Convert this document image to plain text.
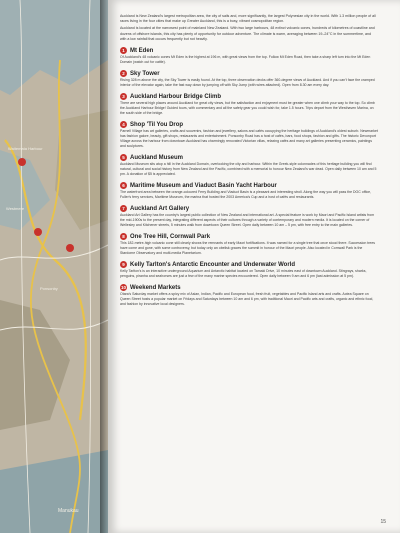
Waitemata Harbour
Westmere
Ponsonby
Manukau

Auckland is New Zealand's largest metropolitan area, the city of sails and, more significantly, the largest Polynesian city in the world. With 1.3 million people of all races living in the four cities that make up Greater Auckland, this is a busy, vibrant cosmopolitan region.

Auckland is located at the narrowest point of mainland New Zealand. With two large harbours, 48 extinct volcanic cones, hundreds of kilometres of coastline and dozens of offshore islands, this city has plenty of opportunity for outdoor adventure. The climate is warm, averaging between 19–24°C in the summertime, and with a low rainfall that occurs frequently but not heavily.

1 Mt Eden
Of Auckland's 48 volcanic cones Mt Eden is the highest at 196 m, with great views from the top. Follow Mt Eden Road, then take a sharp left turn into the Mt Eden Domain (watch out for cattle).
2 Sky Tower
Rising 328 m above the city, the Sky Tower is easily found. At the top, three observation decks offer 360-degree views of Auckland. And if you can't face the cramped interior of the elevator again, take the fast way down by jumping off with Sky Jump (with wires attached). Open from 8.30 am every day.
3 Auckland Harbour Bridge Climb
There are several high places around Auckland for great city views, but the satisfaction and enjoyment must be greater when one climb your way to the top. So climb the Auckland Harbour Bridge! Guided tours, with commentary and all the safety gear you could wish for, take 1.5 hours. Trips depart from the Westhaven Marina, on the south side of the bridge.
4 Shop 'Til You Drop
Parnell Village has art galleries, crafts and souvenirs, fashion and jewellery, salons and cafés occupying the heritage buildings of Auckland's oldest suburb. Newmarket has fashion galore, beauty, gift shops, restaurants and entertainment. Ponsonby Road has a host of cafés, bars, food shops, fashion and gifts. The historic Devonport Village across the harbour from downtown Auckland has charmingly renovated Victorian villas, relaxing cafés and many art galleries presenting ceramics, paintings and sculptures.
5 Auckland Museum
Auckland Museum sits atop a hill in the Auckland Domain, overlooking the city and harbour. Within the Greek-style colonnades of this heritage building you will find natural, cultural and social history from New Zealand and the Pacific, combined with a memorial to honour New Zealand's war dead. Open daily between 10 am and 5 pm. A donation of $5 is appreciated.
6 Maritime Museum and Viaduct Basin Yacht Harbour
The waterfront area between the orange-coloured Ferry Building and Viaduct Basin is a pleasant and interesting stroll. Along the way you will pass the DOC office, Fuller's ferry services, Maritime Museum, the marina that hosted the 2003 America's Cup and a host of cafés and restaurants.
7 Auckland Art Gallery
Auckland Art Gallery has the country's largest public collection of New Zealand and international art. A special feature is work by Maori and Pacific Island artists from the mid-1900s to the present day, integrating different aspects of their cultures through a variety of contemporary and modern media. It is located on the corner of Wellesley and Kitchener streets, 5 minutes walk from downtown Queen Street. Open daily between 10 am – 5 pm, with free entry to the main galleries.
8 One Tree Hill, Cornwall Park
This 182-metre-high volcanic cone still clearly shows the remnants of early Maori fortifications. It was named for a single tree that once stood there. Succession trees have come and gone, with some controversy, but today only an obelisk graces the summit in honour of the Maori people. Also located in Cornwall Park is the Stardome Observatory and multi-media Planetarium.
9 Kelly Tarlton's Antarctic Encounter and Underwater World
Kelly Tarlton's is an interactive underground Aquarium and Antarctic habitat located on Tamaki Drive, 10 minutes east of downtown Auckland. Stingrays, sharks, penguins, piranha and seahorses are just a few of the many marine species encountered. Open daily between 9 am and 6 pm (last admission at 5 pm).
10 Weekend Markets
Otara's Saturday market offers a spicy mix of Asian, Indian, Pacific and European food, fresh fruit, vegetables and Pacific Island arts and crafts. Aotea Square on Queen Street hosts a popular market on Fridays and Saturdays between 10 am and 6 pm, with traditional Maori and Pacific arts and crafts, organic and ethnic food, and fashion by innovative local designers.
15
